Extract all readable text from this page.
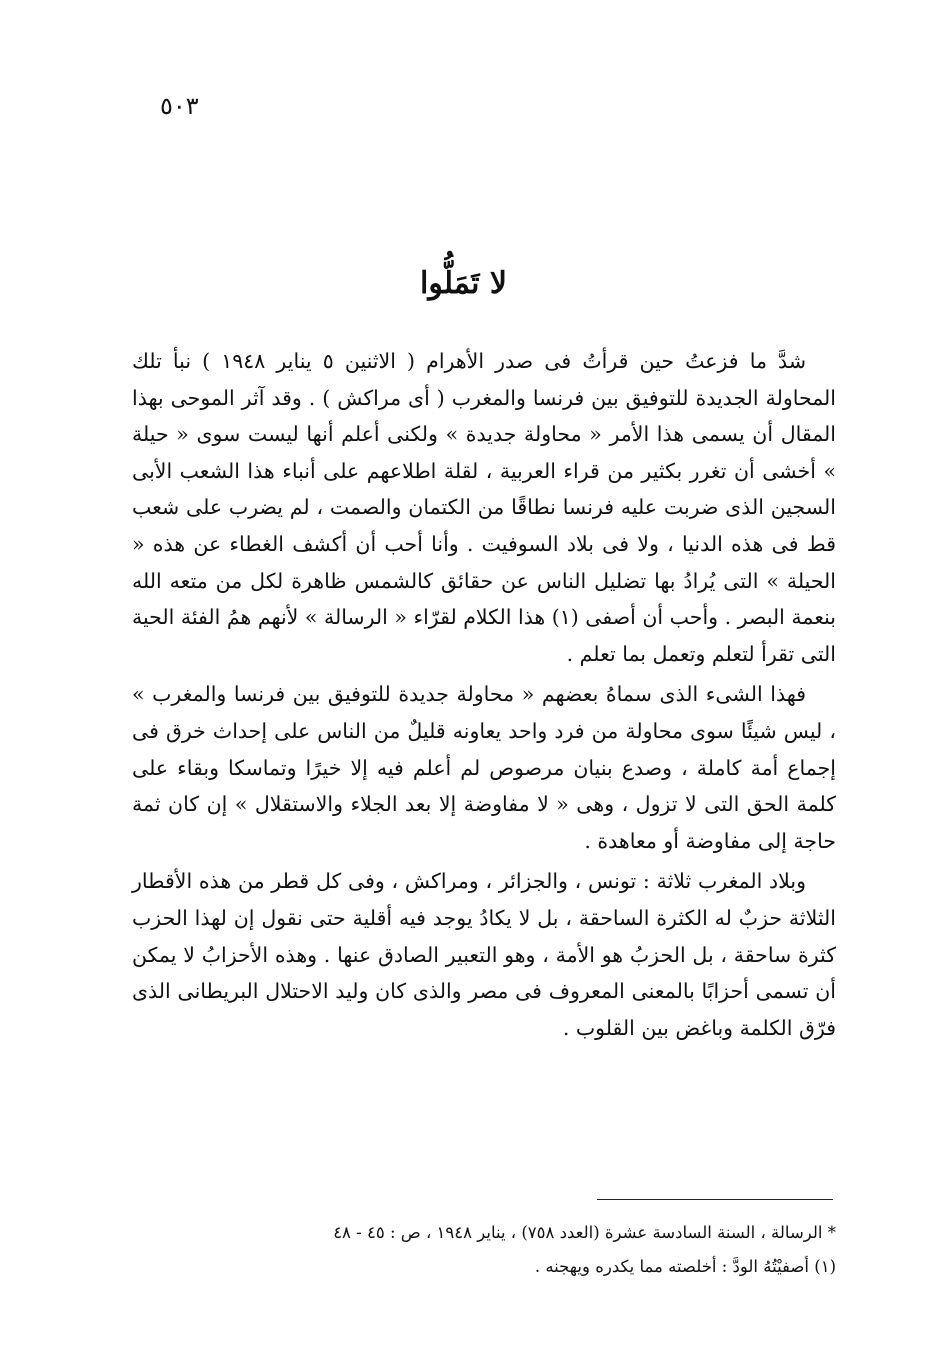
٥٠٣
لا تَمَلُّوا

شدَّ ما فزعتُ حين قرأتُ فى صدر الأهرام ( الاثنين ٥ يناير ١٩٤٨ ) نبأ تلك المحاولة الجديدة للتوفيق بين فرنسا والمغرب ( أى مراكش ) . وقد آثر الموحى بهذا المقال أن يسمى هذا الأمر « محاولة جديدة » ولكنى أعلم أنها ليست سوى « حيلة » أخشى أن تغرر بكثير من قراء العربية ، لقلة اطلاعهم على أنباء هذا الشعب الأبى السجين الذى ضربت عليه فرنسا نطاقًا من الكتمان والصمت ، لم يضرب على شعب قط فى هذه الدنيا ، ولا فى بلاد السوفيت . وأنا أحب أن أكشف الغطاء عن هذه « الحيلة » التى يُرادُ بها تضليل الناس عن حقائق كالشمس ظاهرة لكل من متعه الله بنعمة البصر . وأحب أن أصفى (١) هذا الكلام لقرّاء « الرسالة » لأنهم همُ الفئة الحية التى تقرأ لتعلم وتعمل بما تعلم .

فهذا الشىء الذى سماهُ بعضهم « محاولة جديدة للتوفيق بين فرنسا والمغرب » ، ليس شيئًا سوى محاولة من فرد واحد يعاونه قليلٌ من الناس على إحداث خرق فى إجماع أمة كاملة ، وصدع بنيان مرصوص لم أعلم فيه إلا خيرًا وتماسكا وبقاء على كلمة الحق التى لا تزول ، وهى « لا مفاوضة إلا بعد الجلاء والاستقلال » إن كان ثمة حاجة إلى مفاوضة أو معاهدة .

وبلاد المغرب ثلاثة : تونس ، والجزائر ، ومراكش ، وفى كل قطر من هذه الأقطار الثلاثة حزبٌ له الكثرة الساحقة ، بل لا يكادُ يوجد فيه أقلية حتى نقول إن لهذا الحزب كثرة ساحقة ، بل الحزبُ هو الأمة ، وهو التعبير الصادق عنها . وهذه الأحزابُ لا يمكن أن تسمى أحزابًا بالمعنى المعروف فى مصر والذى كان وليد الاحتلال البريطانى الذى فرّق الكلمة وباغض بين القلوب .

* الرسالة ، السنة السادسة عشرة (العدد ٧٥٨) ، يناير ١٩٤٨ ، ص : ٤٥ - ٤٨

(١) أصفيْتُهُ الودَّ : أخلصته مما يكدره ويهجنه .
